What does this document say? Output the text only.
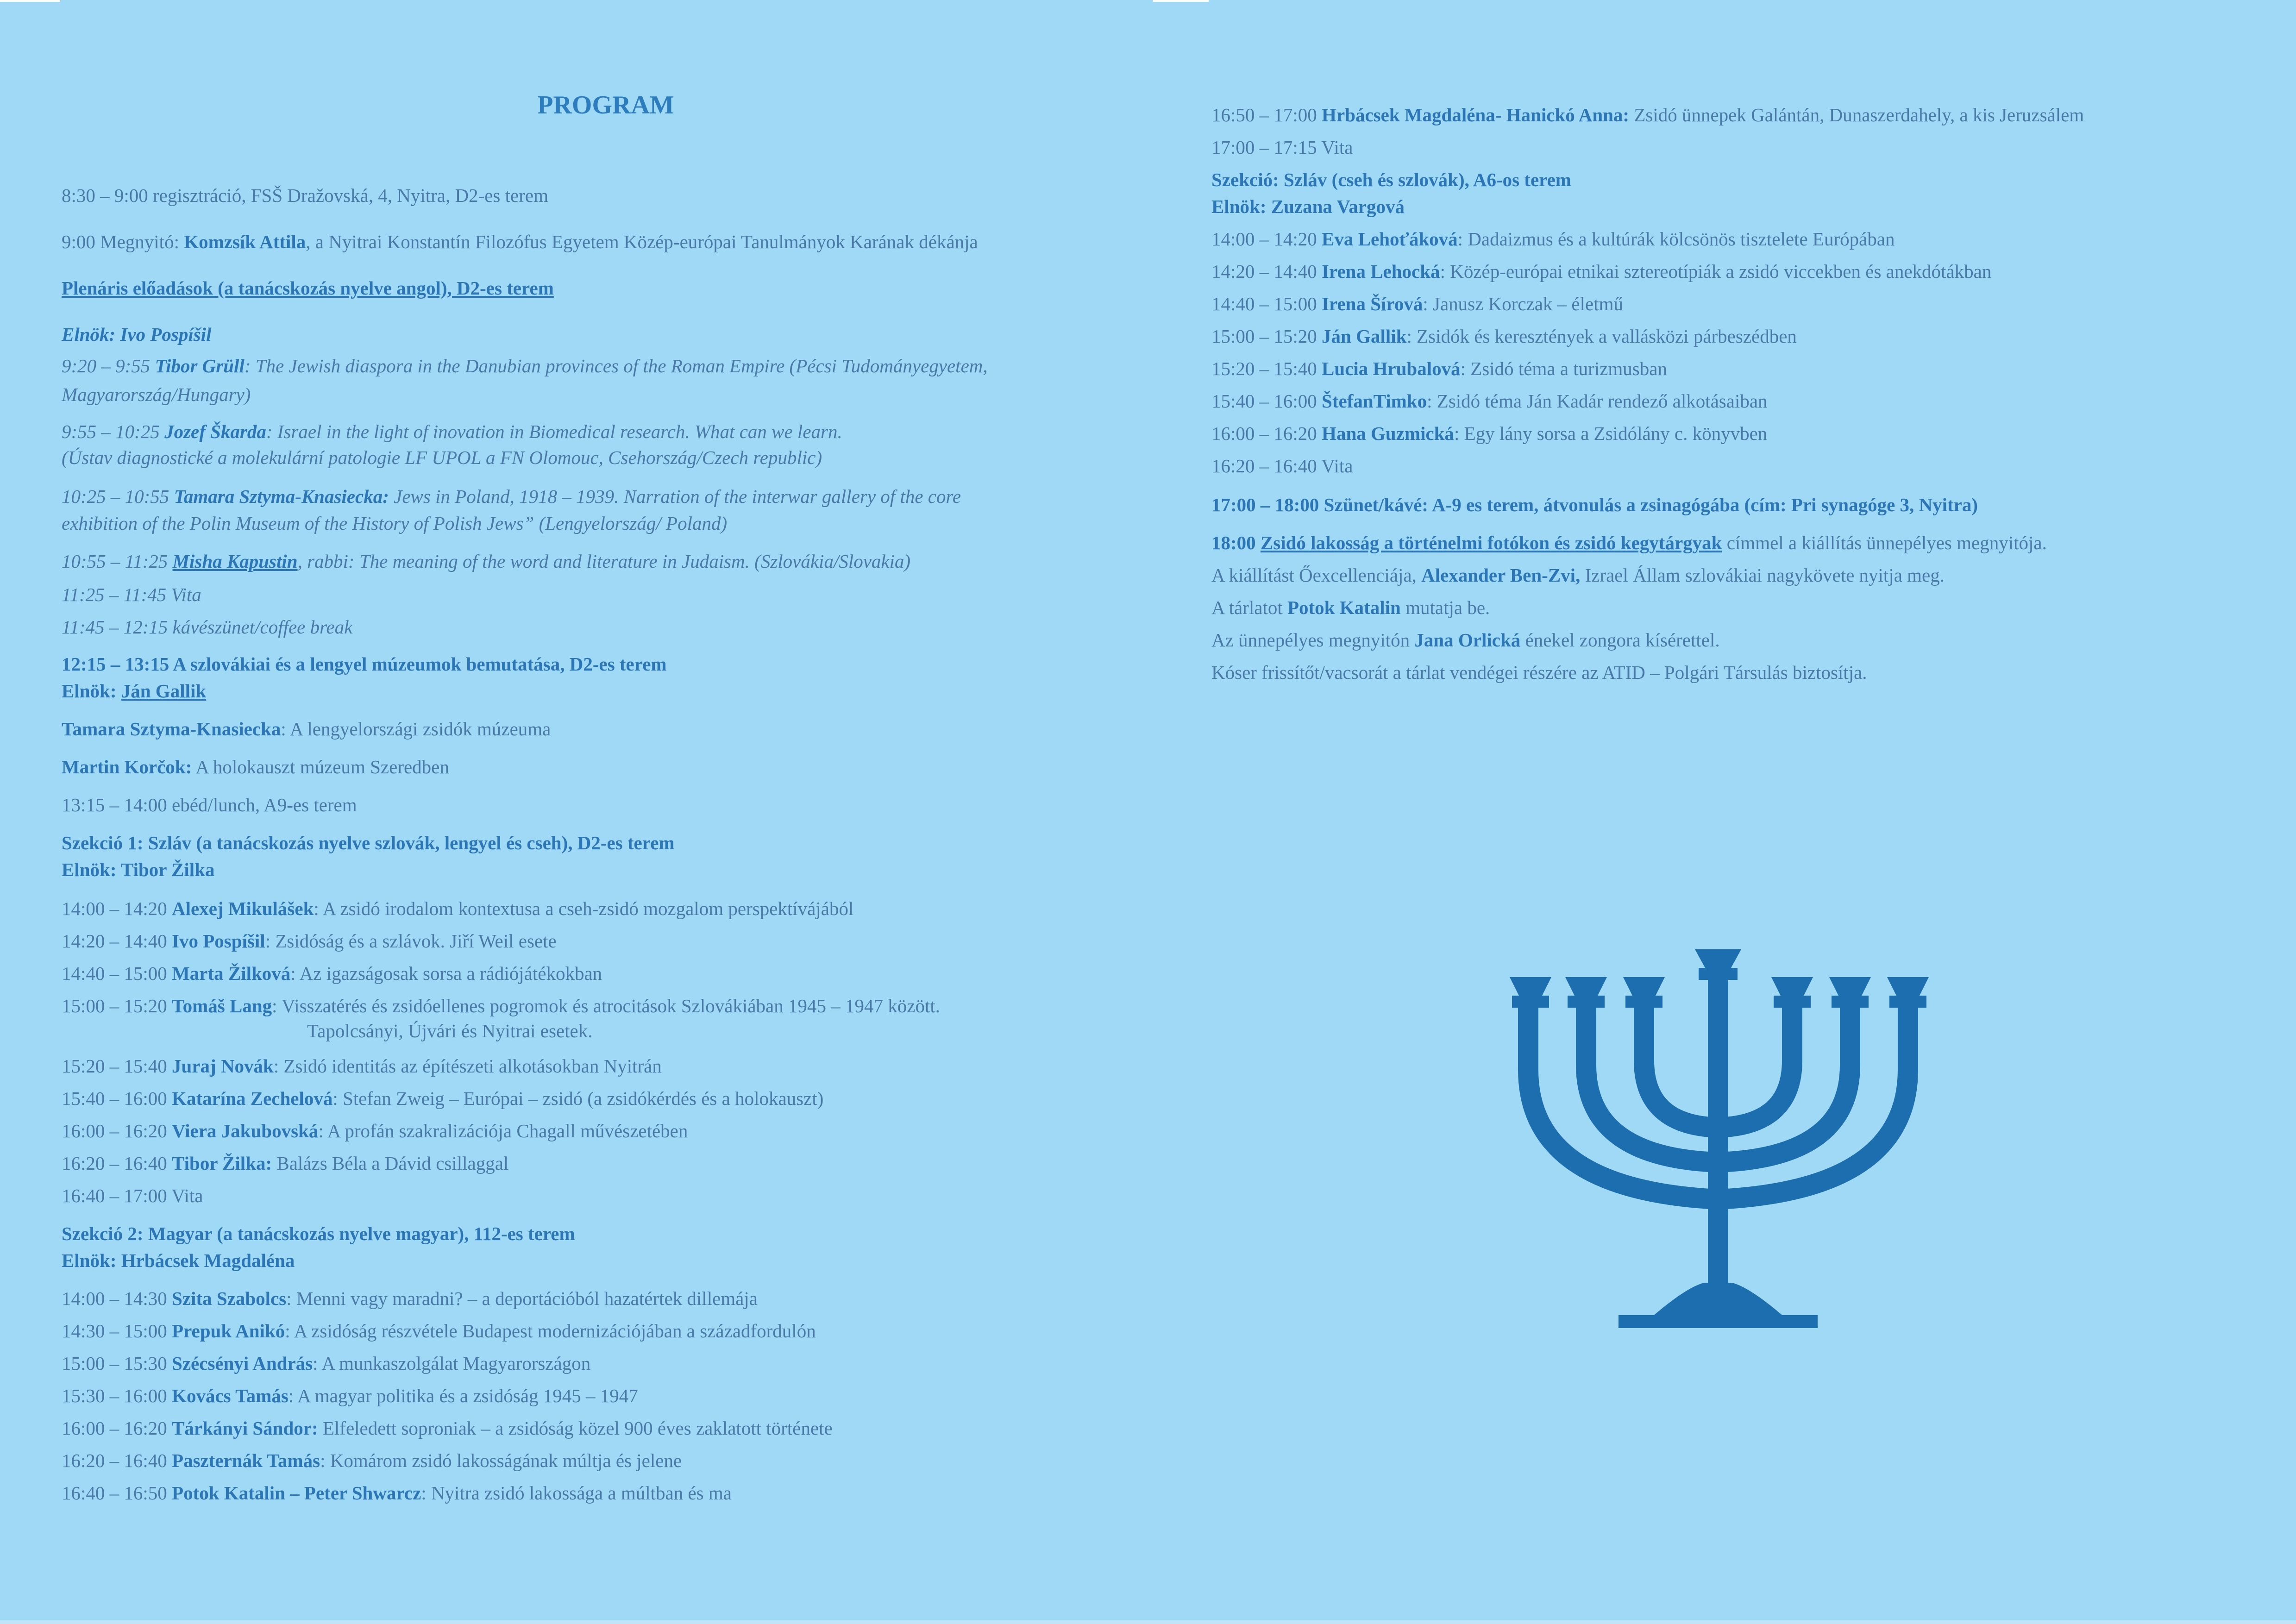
PROGRAM
8:30 – 9:00 regisztráció, FSŠ Dražovská, 4, Nyitra, D2-es terem
9:00 Megnyitó: Komzsík Attila, a Nyitrai Konstantín Filozófus Egyetem Közép-európai Tanulmányok Karának dékánja
Plenáris előadások (a tanácskozás nyelve angol), D2-es terem
Elnök: Ivo Pospíšil
9:20 – 9:55 Tibor Grüll: The Jewish diaspora in the Danubian provinces of the Roman Empire (Pécsi Tudományegyetem,
Magyarország/Hungary)
9:55 – 10:25 Jozef Škarda: Israel in the light of inovation in Biomedical research. What can we learn.
(Ústav diagnostické a molekulární patologie LF UPOL a FN Olomouc, Csehország/Czech republic)
10:25 – 10:55 Tamara Sztyma-Knasiecka: Jews in Poland, 1918 – 1939. Narration of the interwar gallery of the core
exhibition of the Polin Museum of the History of Polish Jews” (Lengyelország/ Poland)
10:55 – 11:25 Misha Kapustin, rabbi: The meaning of the word and literature in Judaism. (Szlovákia/Slovakia)
11:25 – 11:45 Vita
11:45 – 12:15 kávészünet/coffee break
12:15 – 13:15 A szlovákiai és a lengyel múzeumok bemutatása, D2-es terem
Elnök: Ján Gallik
Tamara Sztyma-Knasiecka: A lengyelországi zsidók múzeuma
Martin Korčok: A holokauszt múzeum Szeredben
13:15 – 14:00 ebéd/lunch, A9-es terem
Szekció 1: Szláv (a tanácskozás nyelve szlovák, lengyel és cseh), D2-es terem
Elnök: Tibor Žilka
14:00 – 14:20 Alexej Mikulášek: A zsidó irodalom kontextusa a cseh-zsidó mozgalom perspektívájából
14:20 – 14:40 Ivo Pospíšil: Zsidóság és a szlávok. Jiří Weil esete
14:40 – 15:00 Marta Žilková: Az igazságosak sorsa a rádiójátékokban
15:00 – 15:20 Tomáš Lang: Visszatérés és zsidóellenes pogromok és atrocitások Szlovákiában 1945 – 1947 között.
Tapolcsányi, Újvári és Nyitrai esetek.
15:20 – 15:40 Juraj Novák: Zsidó identitás az építészeti alkotásokban Nyitrán
15:40 – 16:00 Katarína Zechelová: Stefan Zweig – Európai – zsidó (a zsidókérdés és a holokauszt)
16:00 – 16:20 Viera Jakubovská: A profán szakralizációja Chagall művészetében
16:20 – 16:40 Tibor Žilka: Balázs Béla a Dávid csillaggal
16:40 – 17:00 Vita
Szekció 2: Magyar (a tanácskozás nyelve magyar), 112-es terem
Elnök: Hrbácsek Magdaléna
14:00 – 14:30 Szita Szabolcs: Menni vagy maradni? – a deportációból hazatértek dillemája
14:30 – 15:00 Prepuk Anikó: A zsidóság részvétele Budapest modernizációjában a századfordulón
15:00 – 15:30 Szécsényi András: A munkaszolgálat Magyarországon
15:30 – 16:00 Kovács Tamás: A magyar politika és a zsidóság 1945 – 1947
16:00 – 16:20 Tárkányi Sándor: Elfeledett soproniak – a zsidóság közel 900 éves zaklatott története
16:20 – 16:40 Paszternák Tamás: Komárom zsidó lakosságának múltja és jelene
16:40 – 16:50 Potok Katalin – Peter Shwarcz: Nyitra zsidó lakossága a múltban és ma
16:50 – 17:00 Hrbácsek Magdaléna- Hanickó Anna: Zsidó ünnepek Galántán, Dunaszerdahely, a kis Jeruzsálem
17:00 – 17:15 Vita
Szekció: Szláv (cseh és szlovák), A6-os terem
Elnök: Zuzana Vargová
14:00 – 14:20 Eva Lehoťáková: Dadaizmus és a kultúrák kölcsönös tisztelete Európában
14:20 – 14:40 Irena Lehocká: Közép-európai etnikai sztereotípiák a zsidó viccekben és anekdótákban
14:40 – 15:00 Irena Šírová: Janusz Korczak – életmű
15:00 – 15:20 Ján Gallik: Zsidók és keresztények a vallásközi párbeszédben
15:20 – 15:40 Lucia Hrubalová: Zsidó téma a turizmusban
15:40 – 16:00 ŠtefanTimko: Zsidó téma Ján Kadár rendező alkotásaiban
16:00 – 16:20 Hana Guzmická: Egy lány sorsa a Zsidólány c. könyvben
16:20 – 16:40 Vita
17:00 – 18:00 Szünet/kávé: A-9 es terem, átvonulás a zsinagógába (cím: Pri synagóge 3, Nyitra)
18:00 Zsidó lakosság a történelmi fotókon és zsidó kegytárgyak címmel a kiállítás ünnepélyes megnyitója.
A kiállítást Őexcellenciája, Alexander Ben-Zvi, Izrael Állam szlovákiai nagykövete nyitja meg.
A tárlatot Potok Katalin mutatja be.
Az ünnepélyes megnyitón Jana Orlická énekel zongora kísérettel.
Kóser frissítőt/vacsorát a tárlat vendégei részére az ATID – Polgári Társulás biztosítja.
